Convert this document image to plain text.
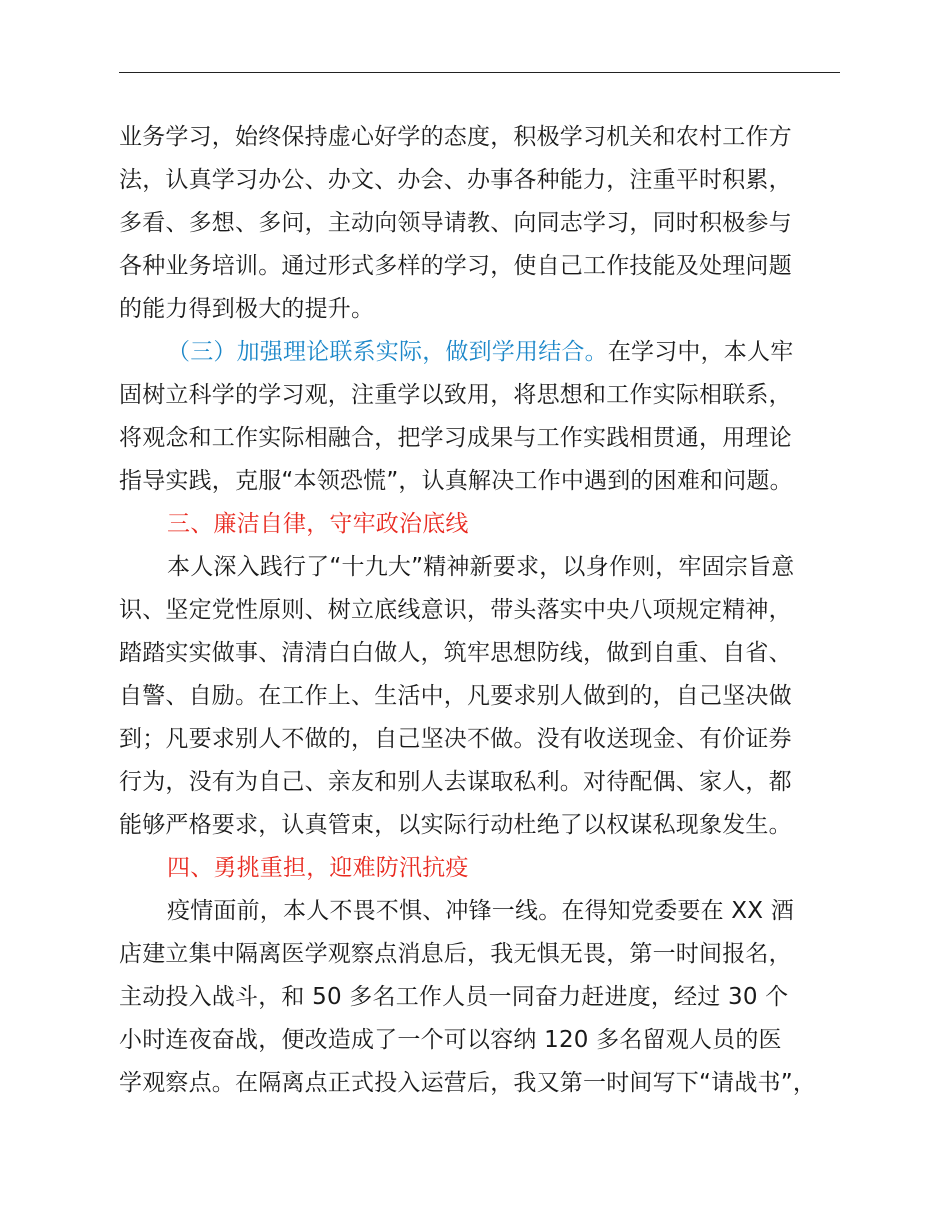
业务学习，始终保持虚心好学的态度，积极学习机关和农村工作方
法，认真学习办公、办文、办会、办事各种能力，注重平时积累，
多看、多想、多问，主动向领导请教、向同志学习，同时积极参与
各种业务培训。通过形式多样的学习，使自己工作技能及处理问题
的能力得到极大的提升。
（三）加强理论联系实际，做到学用结合。在学习中，本人牢
固树立科学的学习观，注重学以致用，将思想和工作实际相联系，
将观念和工作实际相融合，把学习成果与工作实践相贯通，用理论
指导实践，克服“本领恐慌”，认真解决工作中遇到的困难和问题。
三、廉洁自律，守牢政治底线
本人深入践行了“十九大”精神新要求，以身作则，牢固宗旨意
识、坚定党性原则、树立底线意识，带头落实中央八项规定精神，
踏踏实实做事、清清白白做人，筑牢思想防线，做到自重、自省、
自警、自励。在工作上、生活中，凡要求别人做到的，自己坚决做
到；凡要求别人不做的，自己坚决不做。没有收送现金、有价证券
行为，没有为自己、亲友和别人去谋取私利。对待配偶、家人，都
能够严格要求，认真管束，以实际行动杜绝了以权谋私现象发生。
四、勇挑重担，迎难防汛抗疫
疫情面前，本人不畏不惧、冲锋一线。在得知党委要在 XX 酒
店建立集中隔离医学观察点消息后，我无惧无畏，第一时间报名，
主动投入战斗，和 50 多名工作人员一同奋力赶进度，经过 30 个
小时连夜奋战，便改造成了一个可以容纳 120 多名留观人员的医
学观察点。在隔离点正式投入运营后，我又第一时间写下“请战书”，
